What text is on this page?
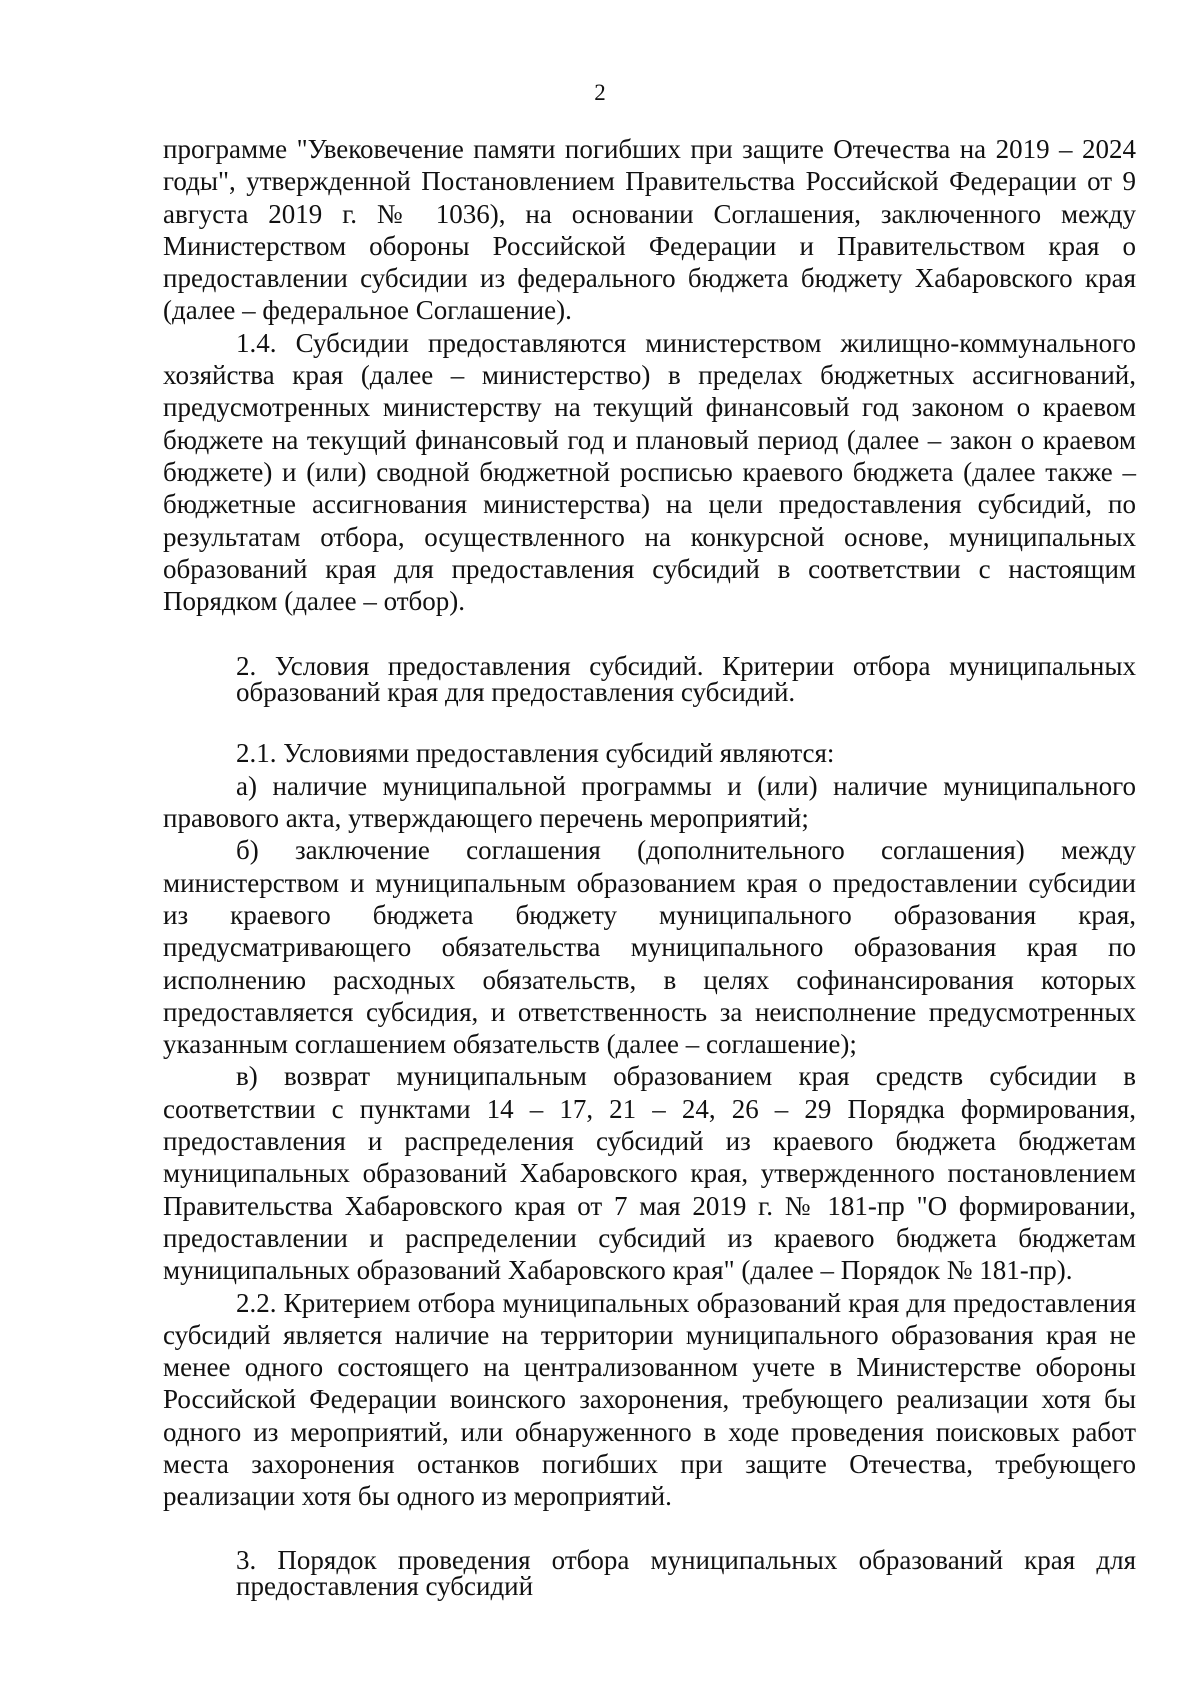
2

программе "Увековечение памяти погибших при защите Отечества на 2019 – 2024 годы", утвержденной Постановлением Правительства Российской Федерации от 9 августа 2019 г. № 1036), на основании Соглашения, заключенного между Министерством обороны Российской Федерации и Правительством края о предоставлении субсидии из федерального бюджета бюджету Хабаровского края (далее – федеральное Соглашение).

1.4. Субсидии предоставляются министерством жилищно-коммунального хозяйства края (далее – министерство) в пределах бюджетных ассигнований, предусмотренных министерству на текущий финансовый год законом о краевом бюджете на текущий финансовый год и плановый период (далее – закон о краевом бюджете) и (или) сводной бюджетной росписью краевого бюджета (далее также – бюджетные ассигнования министерства) на цели предоставления субсидий, по результатам отбора, осуществленного на конкурсной основе, муниципальных образований края для предоставления субсидий в соответствии с настоящим Порядком (далее – отбор).

2. Условия предоставления субсидий. Критерии отбора муниципальных образований края для предоставления субсидий.

2.1. Условиями предоставления субсидий являются:

а) наличие муниципальной программы и (или) наличие муниципального правового акта, утверждающего перечень мероприятий;

б) заключение соглашения (дополнительного соглашения) между министерством и муниципальным образованием края о предоставлении субсидии из краевого бюджета бюджету муниципального образования края, предусматривающего обязательства муниципального образования края по исполнению расходных обязательств, в целях софинансирования которых предоставляется субсидия, и ответственность за неисполнение предусмотренных указанным соглашением обязательств (далее – соглашение);

в) возврат муниципальным образованием края средств субсидии в соответствии с пунктами 14 – 17, 21 – 24, 26 – 29 Порядка формирования, предоставления и распределения субсидий из краевого бюджета бюджетам муниципальных образований Хабаровского края, утвержденного постановлением Правительства Хабаровского края от 7 мая 2019 г. № 181-пр "О формировании, предоставлении и распределении субсидий из краевого бюджета бюджетам муниципальных образований Хабаровского края" (далее – Порядок № 181-пр).

2.2. Критерием отбора муниципальных образований края для предоставления субсидий является наличие на территории муниципального образования края не менее одного состоящего на централизованном учете в Министерстве обороны Российской Федерации воинского захоронения, требующего реализации хотя бы одного из мероприятий, или обнаруженного в ходе проведения поисковых работ места захоронения останков погибших при защите Отечества, требующего реализации хотя бы одного из мероприятий.

3. Порядок проведения отбора муниципальных образований края для предоставления субсидий
